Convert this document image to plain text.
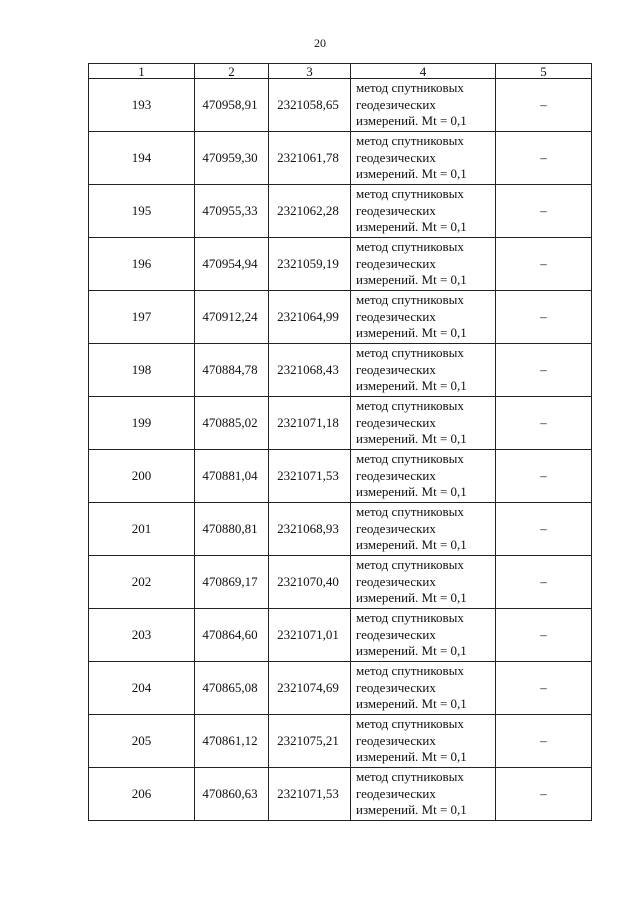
20
1	2	3	4	5
193	470958,91	2321058,65	метод спутниковых
геодезических
измерений. Mt = 0,1	–
194	470959,30	2321061,78	метод спутниковых
геодезических
измерений. Mt = 0,1	–
195	470955,33	2321062,28	метод спутниковых
геодезических
измерений. Mt = 0,1	–
196	470954,94	2321059,19	метод спутниковых
геодезических
измерений. Mt = 0,1	–
197	470912,24	2321064,99	метод спутниковых
геодезических
измерений. Mt = 0,1	–
198	470884,78	2321068,43	метод спутниковых
геодезических
измерений. Mt = 0,1	–
199	470885,02	2321071,18	метод спутниковых
геодезических
измерений. Mt = 0,1	–
200	470881,04	2321071,53	метод спутниковых
геодезических
измерений. Mt = 0,1	–
201	470880,81	2321068,93	метод спутниковых
геодезических
измерений. Mt = 0,1	–
202	470869,17	2321070,40	метод спутниковых
геодезических
измерений. Mt = 0,1	–
203	470864,60	2321071,01	метод спутниковых
геодезических
измерений. Mt = 0,1	–
204	470865,08	2321074,69	метод спутниковых
геодезических
измерений. Mt = 0,1	–
205	470861,12	2321075,21	метод спутниковых
геодезических
измерений. Mt = 0,1	–
206	470860,63	2321071,53	метод спутниковых
геодезических
измерений. Mt = 0,1	–
